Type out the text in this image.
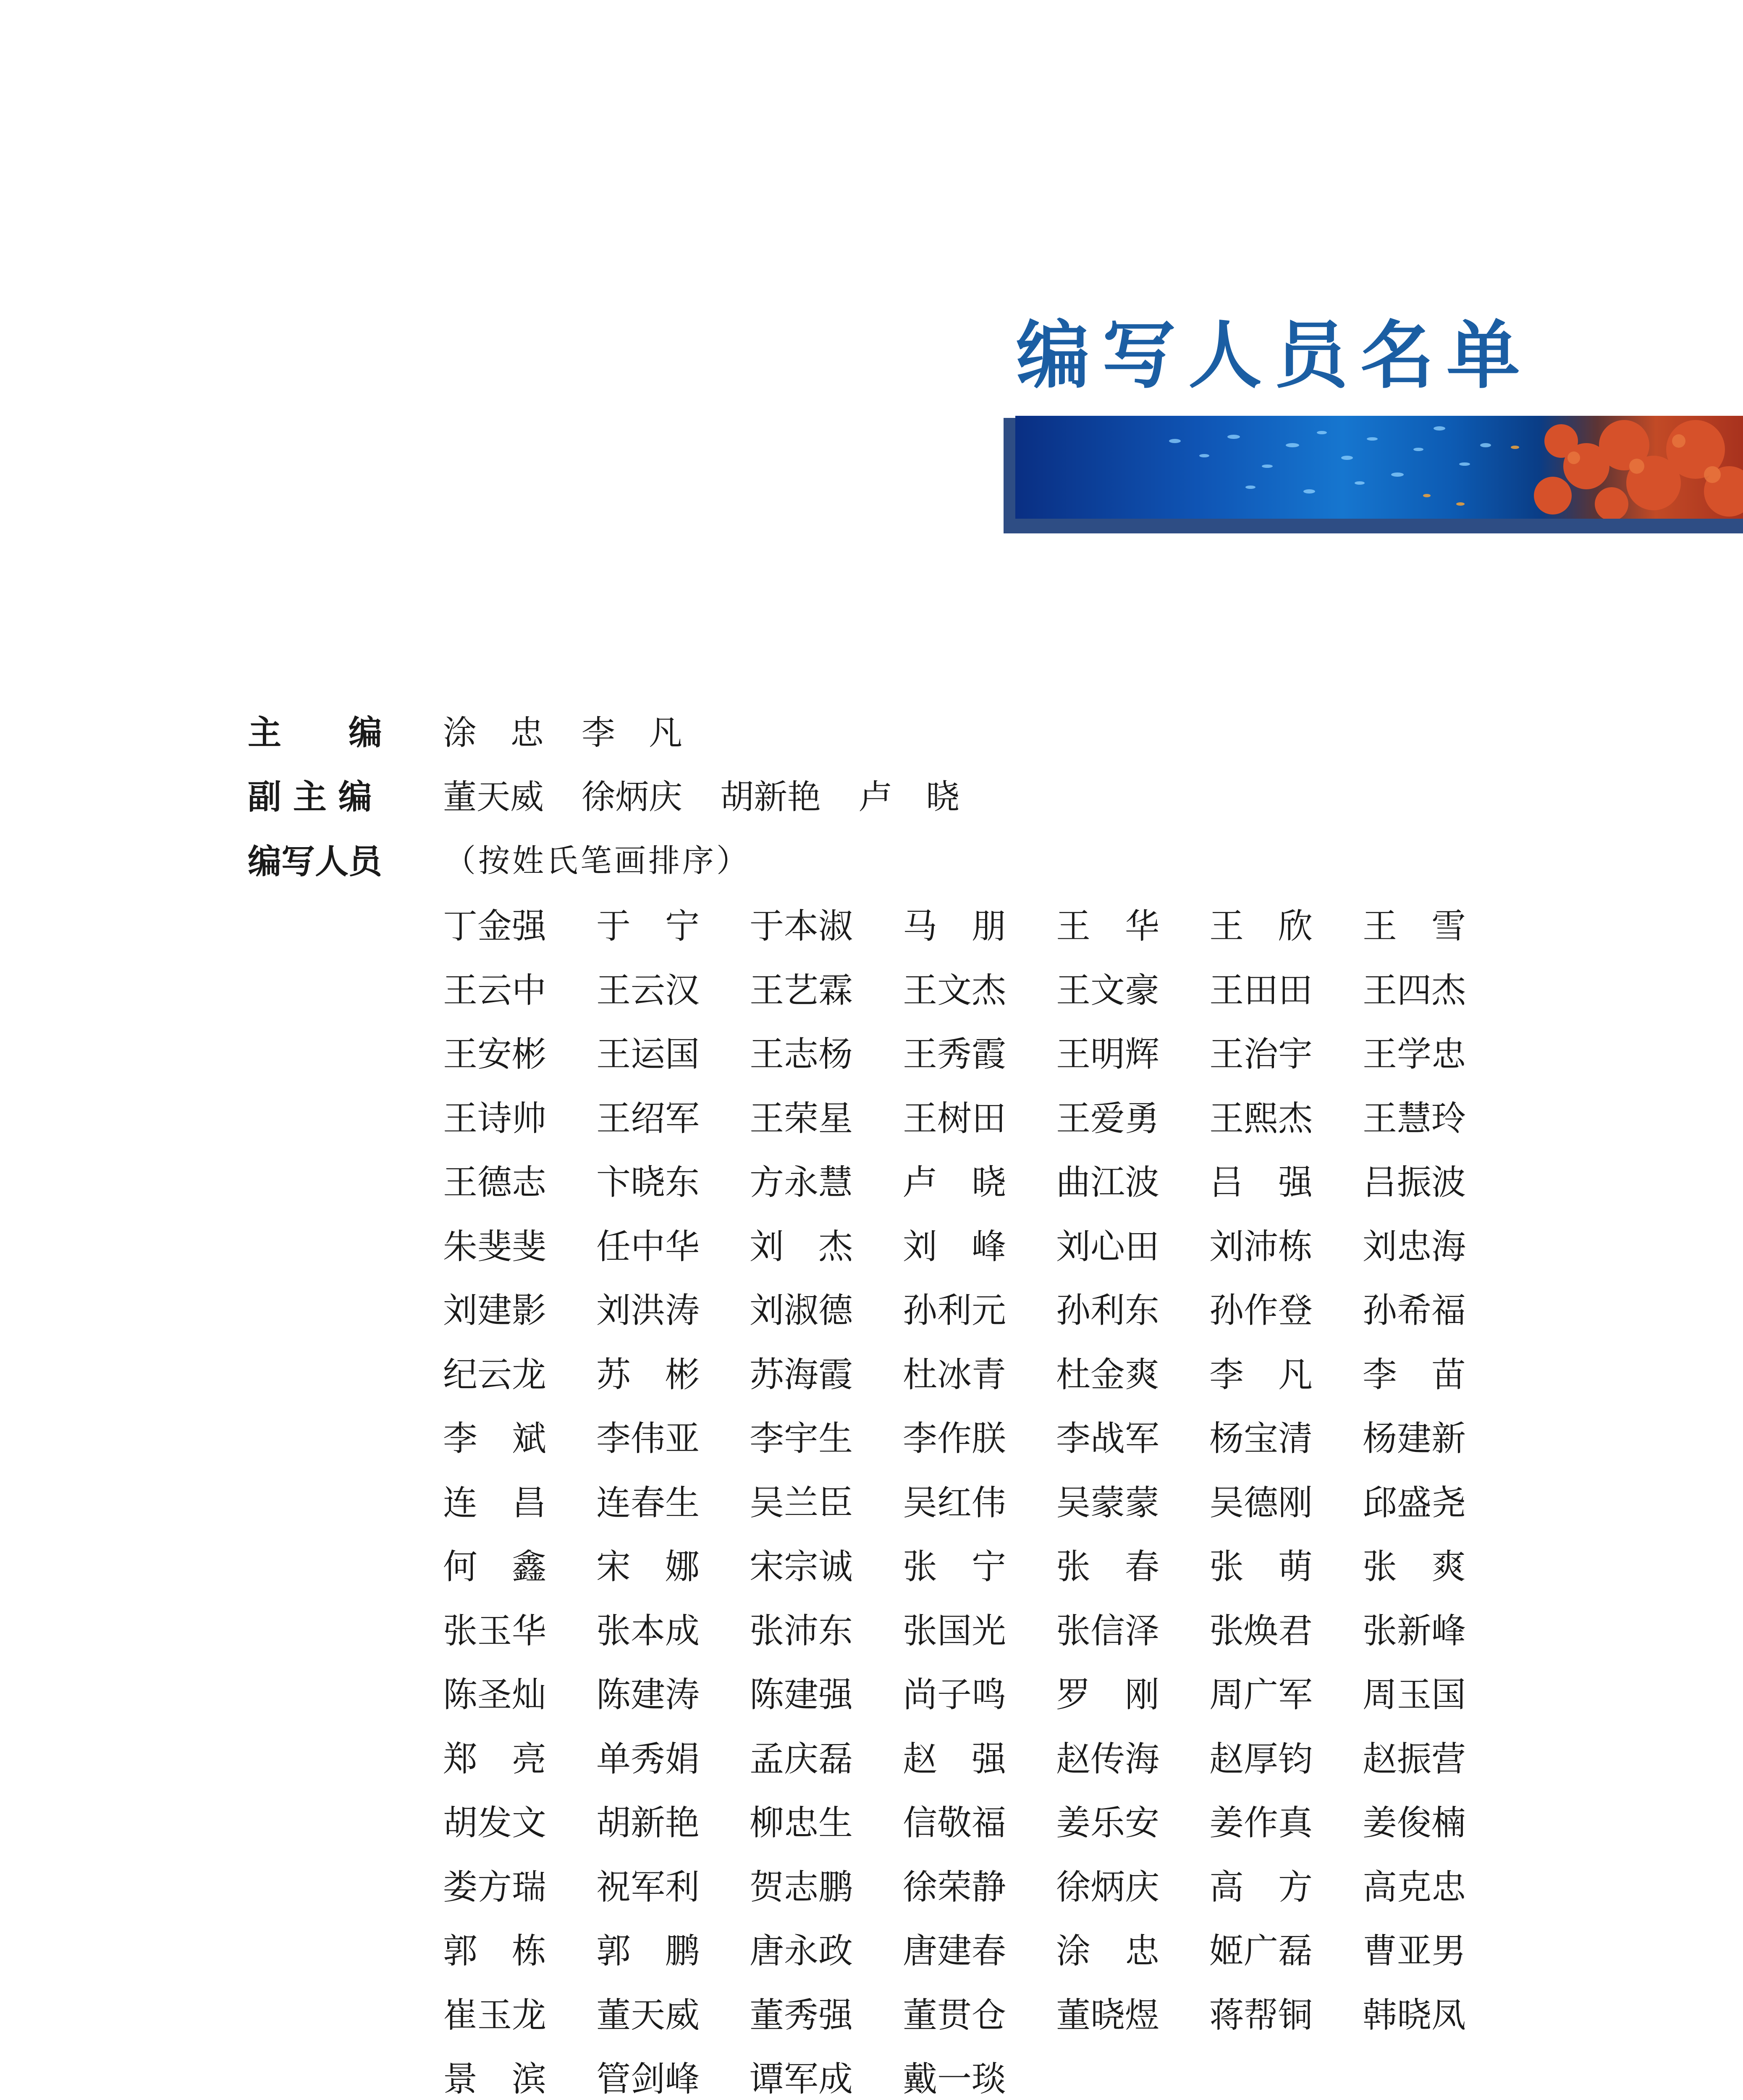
编写人员名单
主　　编 涂　忠 李　凡
副 主 编 董天威 徐炳庆 胡新艳 卢　晓
编写人员 （按姓氏笔画排序）
丁金强	于　宁	于本淑	马　朋	王　华	王　欣	王　雪
王云中	王云汉	王艺霖	王文杰	王文豪	王田田	王四杰
王安彬	王运国	王志杨	王秀霞	王明辉	王治宇	王学忠
王诗帅	王绍军	王荣星	王树田	王爱勇	王熙杰	王慧玲
王德志	卞晓东	方永慧	卢　晓	曲江波	吕　强	吕振波
朱斐斐	任中华	刘　杰	刘　峰	刘心田	刘沛栋	刘忠海
刘建影	刘洪涛	刘淑德	孙利元	孙利东	孙作登	孙希福
纪云龙	苏　彬	苏海霞	杜冰青	杜金爽	李　凡	李　苗
李　斌	李伟亚	李宇生	李作朕	李战军	杨宝清	杨建新
连　昌	连春生	吴兰臣	吴红伟	吴蒙蒙	吴德刚	邱盛尧
何　鑫	宋　娜	宋宗诚	张　宁	张　春	张　萌	张　爽
张玉华	张本成	张沛东	张国光	张信泽	张焕君	张新峰
陈圣灿	陈建涛	陈建强	尚子鸣	罗　刚	周广军	周玉国
郑　亮	单秀娟	孟庆磊	赵　强	赵传海	赵厚钧	赵振营
胡发文	胡新艳	柳忠生	信敬福	姜乐安	姜作真	姜俊楠
娄方瑞	祝军利	贺志鹏	徐荣静	徐炳庆	高　方	高克忠
郭　栋	郭　鹏	唐永政	唐建春	涂　忠	姬广磊	曹亚男
崔玉龙	董天威	董秀强	董贯仓	董晓煜	蒋帮铜	韩晓凤
景　滨	管剑峰	谭军成	戴一琰
